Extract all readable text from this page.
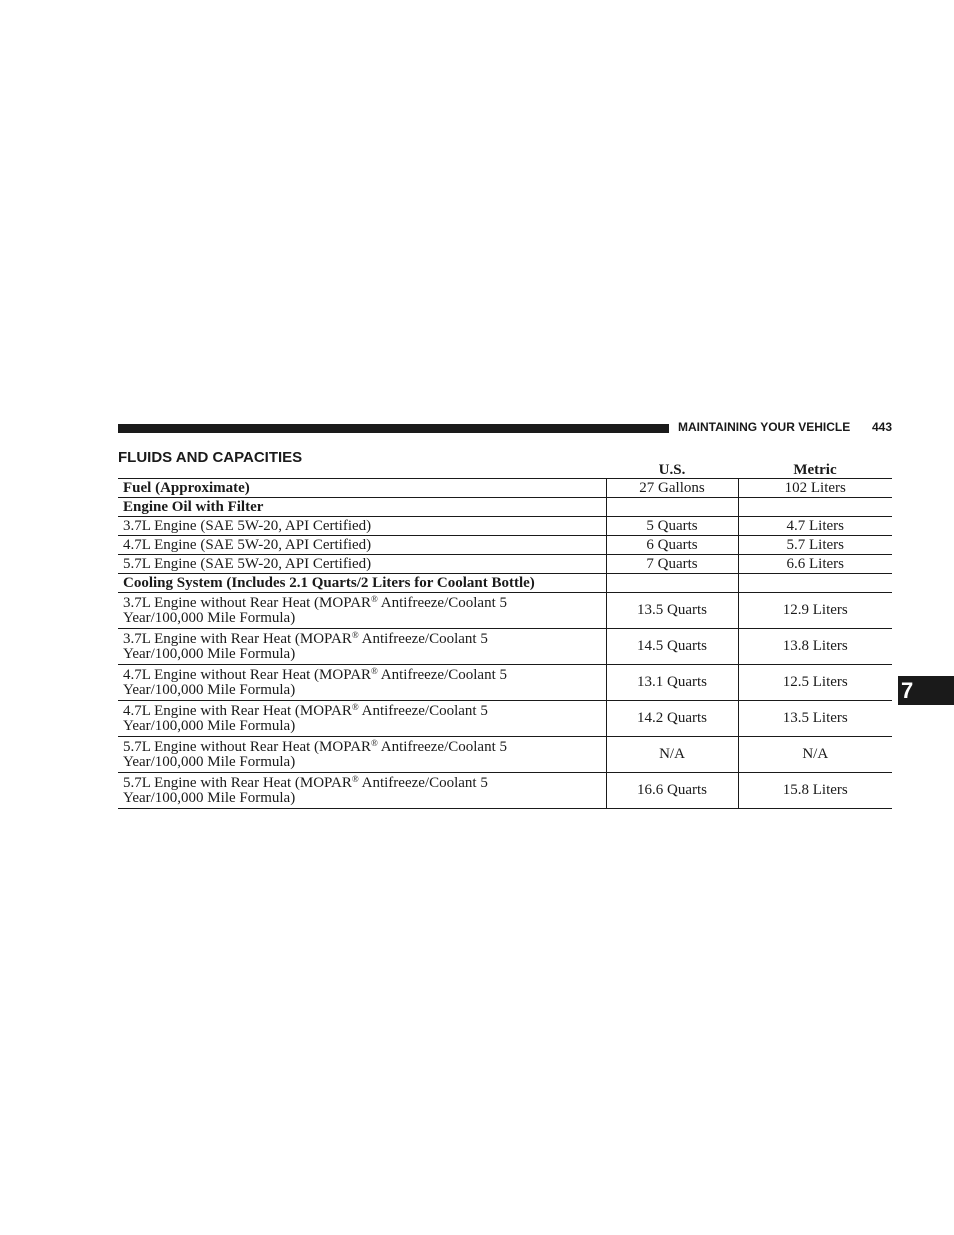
MAINTAINING YOUR VEHICLE 443
FLUIDS AND CAPACITIES
	U.S.	Metric
Fuel (Approximate)	27 Gallons	102 Liters
Engine Oil with Filter		
3.7L Engine (SAE 5W-20, API Certified)	5 Quarts	4.7 Liters
4.7L Engine (SAE 5W-20, API Certified)	6 Quarts	5.7 Liters
5.7L Engine (SAE 5W-20, API Certified)	7 Quarts	6.6 Liters
Cooling System (Includes 2.1 Quarts/2 Liters for Coolant Bottle)		

3.7L Engine without Rear Heat (MOPAR® Antifreeze/Coolant 5
Year/100,000 Mile Formula)	13.5 Quarts	12.9 Liters

3.7L Engine with Rear Heat (MOPAR® Antifreeze/Coolant 5
Year/100,000 Mile Formula)	14.5 Quarts	13.8 Liters

4.7L Engine without Rear Heat (MOPAR® Antifreeze/Coolant 5
Year/100,000 Mile Formula)	13.1 Quarts	12.5 Liters

4.7L Engine with Rear Heat (MOPAR® Antifreeze/Coolant 5
Year/100,000 Mile Formula)	14.2 Quarts	13.5 Liters

5.7L Engine without Rear Heat (MOPAR® Antifreeze/Coolant 5
Year/100,000 Mile Formula)	N/A	N/A

5.7L Engine with Rear Heat (MOPAR® Antifreeze/Coolant 5
Year/100,000 Mile Formula)	16.6 Quarts	15.8 Liters
7
